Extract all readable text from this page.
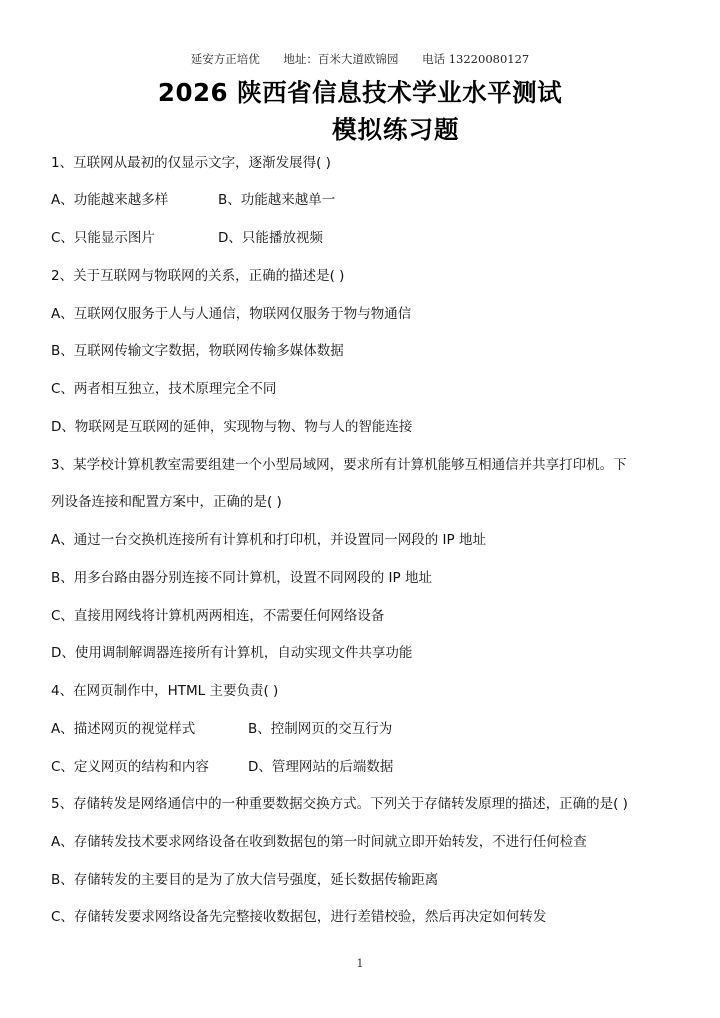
延安方正培优 地址：百米大道欧锦园 电话 13220080127
2026 陕西省信息技术学业水平测试
模拟练习题
1、互联网从最初的仅显示文字，逐渐发展得( )
A、功能越来越多样	B、功能越来越单一
C、只能显示图片	D、只能播放视频
2、关于互联网与物联网的关系，正确的描述是( )
A、互联网仅服务于人与人通信，物联网仅服务于物与物通信
B、互联网传输文字数据，物联网传输多媒体数据
C、两者相互独立，技术原理完全不同
D、物联网是互联网的延伸，实现物与物、物与人的智能连接
3、某学校计算机教室需要组建一个小型局域网，要求所有计算机能够互相通信并共享打印机。下
列设备连接和配置方案中，正确的是( )
A、通过一台交换机连接所有计算机和打印机，并设置同一网段的 IP 地址
B、用多台路由器分别连接不同计算机，设置不同网段的 IP 地址
C、直接用网线将计算机两两相连，不需要任何网络设备
D、使用调制解调器连接所有计算机，自动实现文件共享功能
4、在网页制作中，HTML 主要负责( )
A、描述网页的视觉样式	B、控制网页的交互行为
C、定义网页的结构和内容	D、管理网站的后端数据
5、存储转发是网络通信中的一种重要数据交换方式。下列关于存储转发原理的描述，正确的是( )
A、存储转发技术要求网络设备在收到数据包的第一时间就立即开始转发，不进行任何检查
B、存储转发的主要目的是为了放大信号强度，延长数据传输距离
C、存储转发要求网络设备先完整接收数据包，进行差错校验，然后再决定如何转发
1
